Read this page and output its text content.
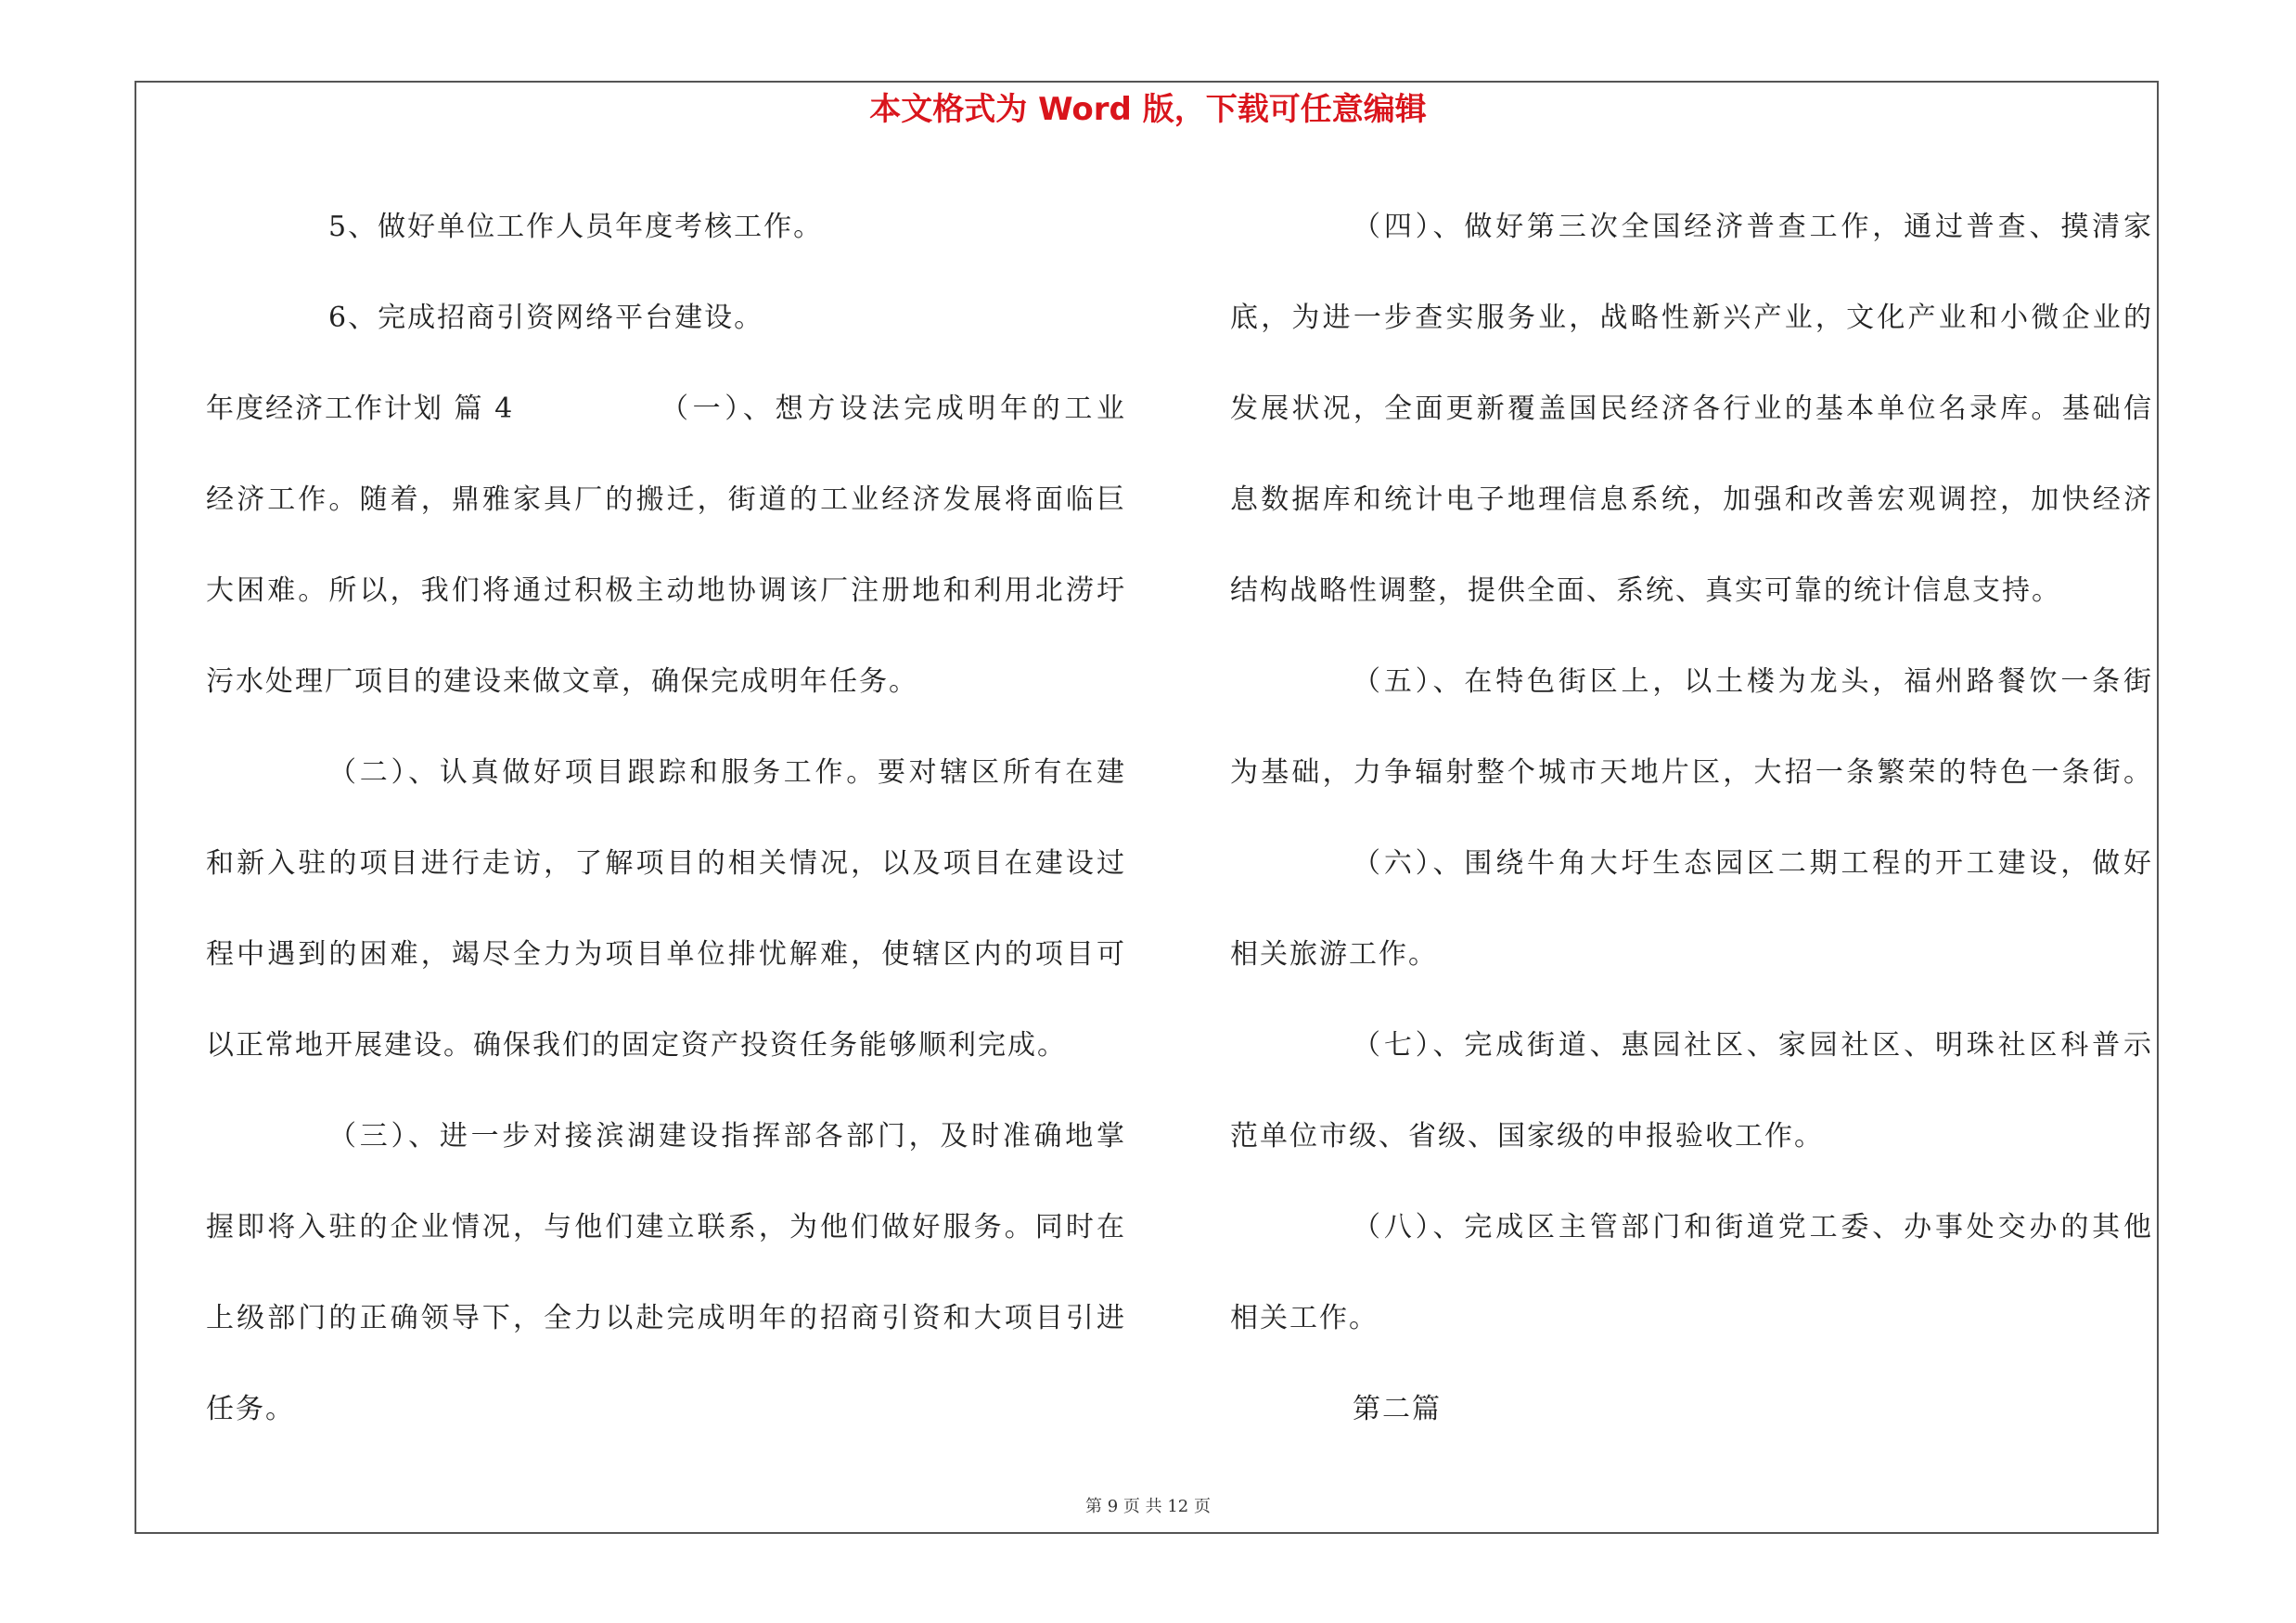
本文格式为 Word 版，下载可任意编辑
5、做好单位工作人员年度考核工作。
6、完成招商引资网络平台建设。
年度经济工作计划 篇 4	（一）、想方设法完成明年的工业
经济工作。随着，鼎雅家具厂的搬迁，街道的工业经济发展将面临巨
大困难。所以，我们将通过积极主动地协调该厂注册地和利用北涝圩
污水处理厂项目的建设来做文章，确保完成明年任务。
（二）、认真做好项目跟踪和服务工作。要对辖区所有在建
和新入驻的项目进行走访，了解项目的相关情况，以及项目在建设过
程中遇到的困难，竭尽全力为项目单位排忧解难，使辖区内的项目可
以正常地开展建设。确保我们的固定资产投资任务能够顺利完成。
（三）、进一步对接滨湖建设指挥部各部门，及时准确地掌
握即将入驻的企业情况，与他们建立联系，为他们做好服务。同时在
上级部门的正确领导下，全力以赴完成明年的招商引资和大项目引进
任务。
（四）、做好第三次全国经济普查工作，通过普查、摸清家
底，为进一步查实服务业，战略性新兴产业，文化产业和小微企业的
发展状况，全面更新覆盖国民经济各行业的基本单位名录库。基础信
息数据库和统计电子地理信息系统，加强和改善宏观调控，加快经济
结构战略性调整，提供全面、系统、真实可靠的统计信息支持。
（五）、在特色街区上，以土楼为龙头，福州路餐饮一条街
为基础，力争辐射整个城市天地片区，大招一条繁荣的特色一条街。
（六）、围绕牛角大圩生态园区二期工程的开工建设，做好
相关旅游工作。
（七）、完成街道、惠园社区、家园社区、明珠社区科普示
范单位市级、省级、国家级的申报验收工作。
（八）、完成区主管部门和街道党工委、办事处交办的其他
相关工作。
第二篇
第 9 页 共 12 页
